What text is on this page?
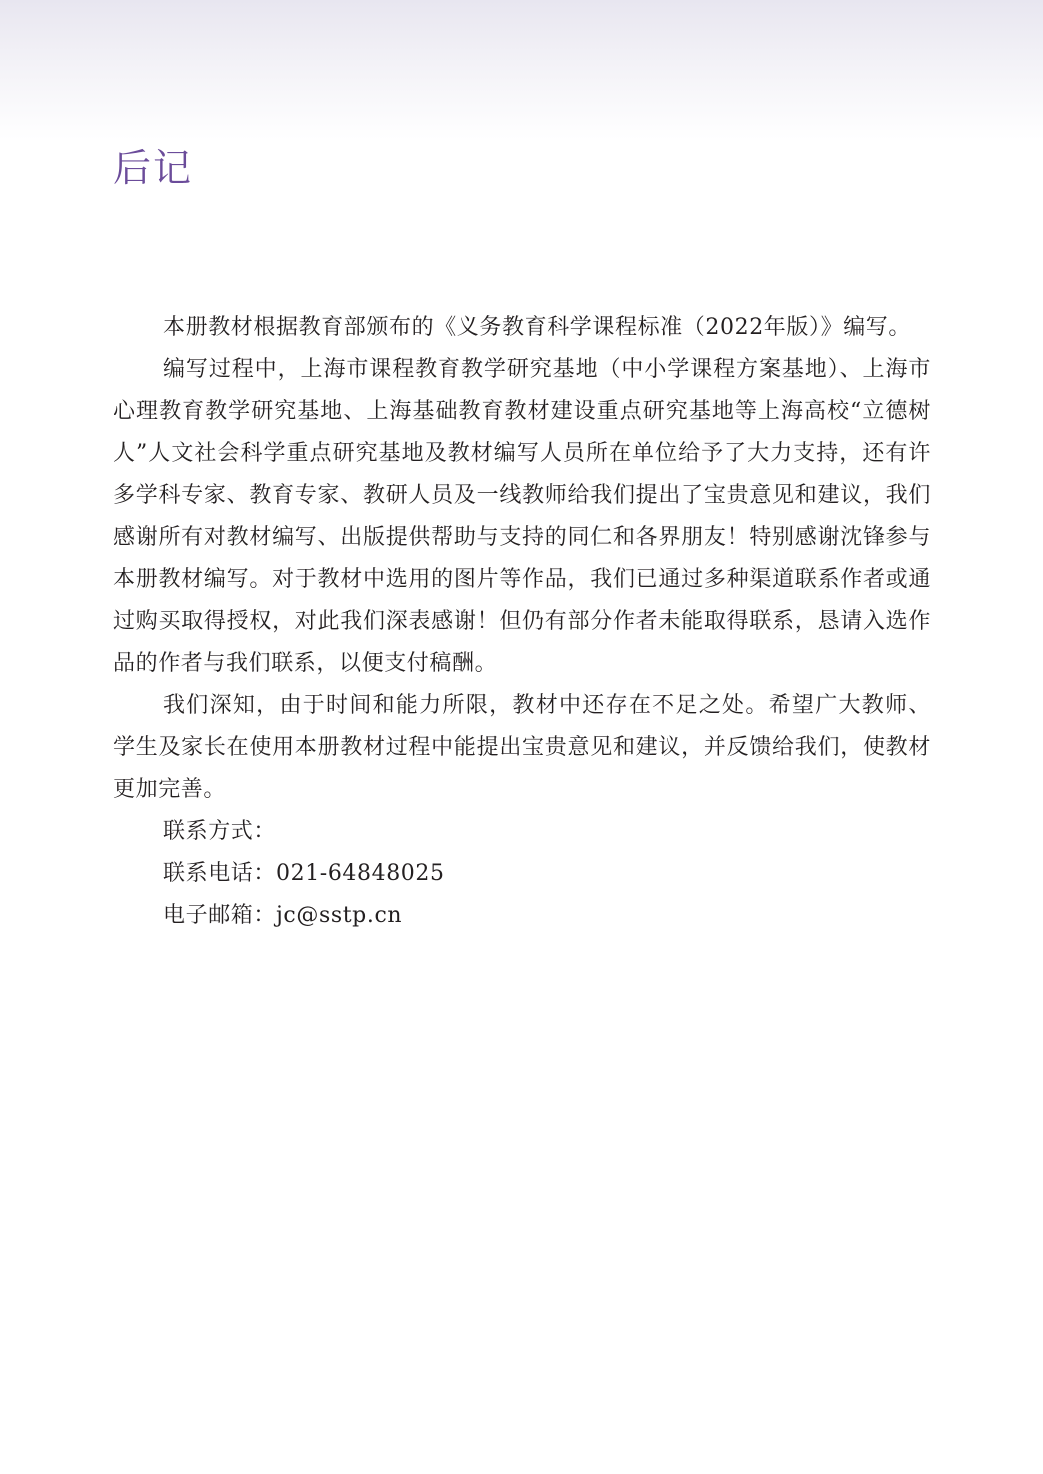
后记

本册教材根据教育部颁布的《义务教育科学课程标准（2022年版）》编写。

编写过程中，上海市课程教育教学研究基地（中小学课程方案基地）、上海市心理教育教学研究基地、上海基础教育教材建设重点研究基地等上海高校“立德树人”人文社会科学重点研究基地及教材编写人员所在单位给予了大力支持，还有许多学科专家、教育专家、教研人员及一线教师给我们提出了宝贵意见和建议，我们感谢所有对教材编写、出版提供帮助与支持的同仁和各界朋友！特别感谢沈锋参与本册教材编写。对于教材中选用的图片等作品，我们已通过多种渠道联系作者或通过购买取得授权，对此我们深表感谢！但仍有部分作者未能取得联系，恳请入选作品的作者与我们联系，以便支付稿酬。

我们深知，由于时间和能力所限，教材中还存在不足之处。希望广大教师、学生及家长在使用本册教材过程中能提出宝贵意见和建议，并反馈给我们，使教材更加完善。

联系方式：

联系电话：021-64848025

电子邮箱：jc@sstp.cn
